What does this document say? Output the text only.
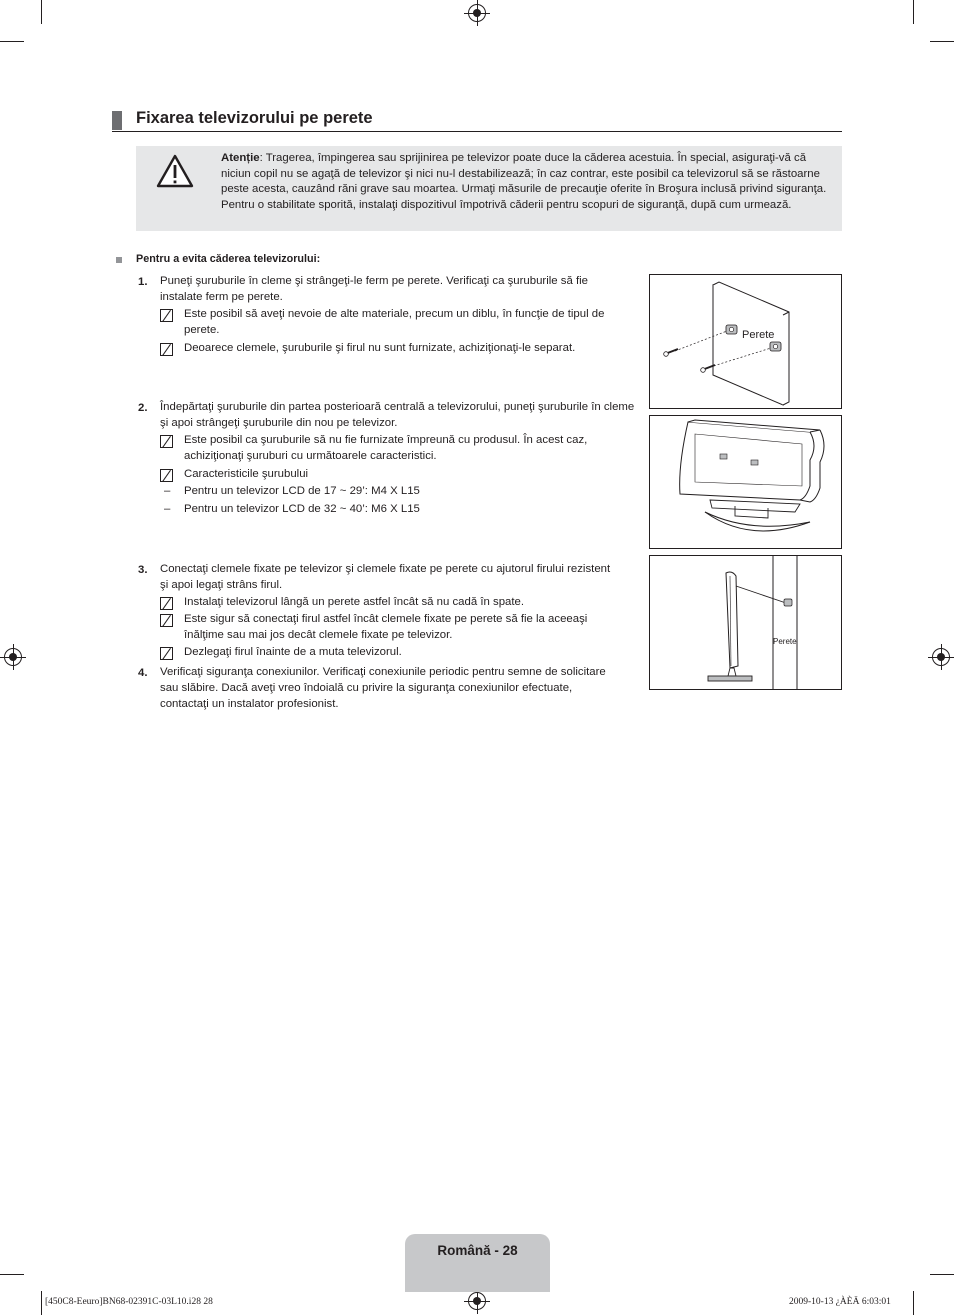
Fixarea televizorului pe perete
Atenție: Tragerea, împingerea sau sprijinirea pe televizor poate duce la căderea acestuia. În special, asiguraţi-vă că niciun copil nu se agaţă de televizor şi nici nu-l destabilizează; în caz contrar, este posibil ca televizorul să se răstoarne peste acesta, cauzând răni grave sau moartea. Urmaţi măsurile de precauţie oferite în Broşura inclusă privind siguranţa. Pentru o stabilitate sporită, instalaţi dispozitivul împotrivă căderii pentru scopuri de siguranţă, după cum urmează.
Pentru a evita căderea televizorului:
1. Puneţi şuruburile în cleme şi strângeţi-le ferm pe perete. Verificaţi ca şuruburile să fie instalate ferm pe perete.
Este posibil să aveţi nevoie de alte materiale, precum un diblu, în funcţie de tipul de perete.
Deoarece clemele, şuruburile şi firul nu sunt furnizate, achiziţionaţi-le separat.
2. Îndepărtaţi şuruburile din partea posterioară centrală a televizorului, puneţi şuruburile în cleme şi apoi strângeţi şuruburile din nou pe televizor.
Este posibil ca şuruburile să nu fie furnizate împreună cu produsul. În acest caz, achiziţionaţi şuruburi cu următoarele caracteristici.
Caracteristicile şurubului
– Pentru un televizor LCD de 17 ~ 29’: M4 X L15
– Pentru un televizor LCD de 32 ~ 40’: M6 X L15
3. Conectaţi clemele fixate pe televizor şi clemele fixate pe perete cu ajutorul firului rezistent şi apoi legaţi strâns firul.
Instalaţi televizorul lângă un perete astfel încât să nu cadă în spate.
Este sigur să conectaţi firul astfel încât clemele fixate pe perete să fie la aceeaşi înălţime sau mai jos decât clemele fixate pe televizor.
Dezlegaţi firul înainte de a muta televizorul.
4. Verificaţi siguranţa conexiunilor. Verificaţi conexiunile periodic pentru semne de solicitare sau slăbire. Dacă aveţi vreo îndoială cu privire la siguranţa conexiunilor efectuate, contactaţi un instalator profesionist.
Perete
Perete
Română - 28
[450C8-Eeuro]BN68-02391C-03L10.i28 28	2009-10-13 ¿ÀÈÄ 6:03:01
